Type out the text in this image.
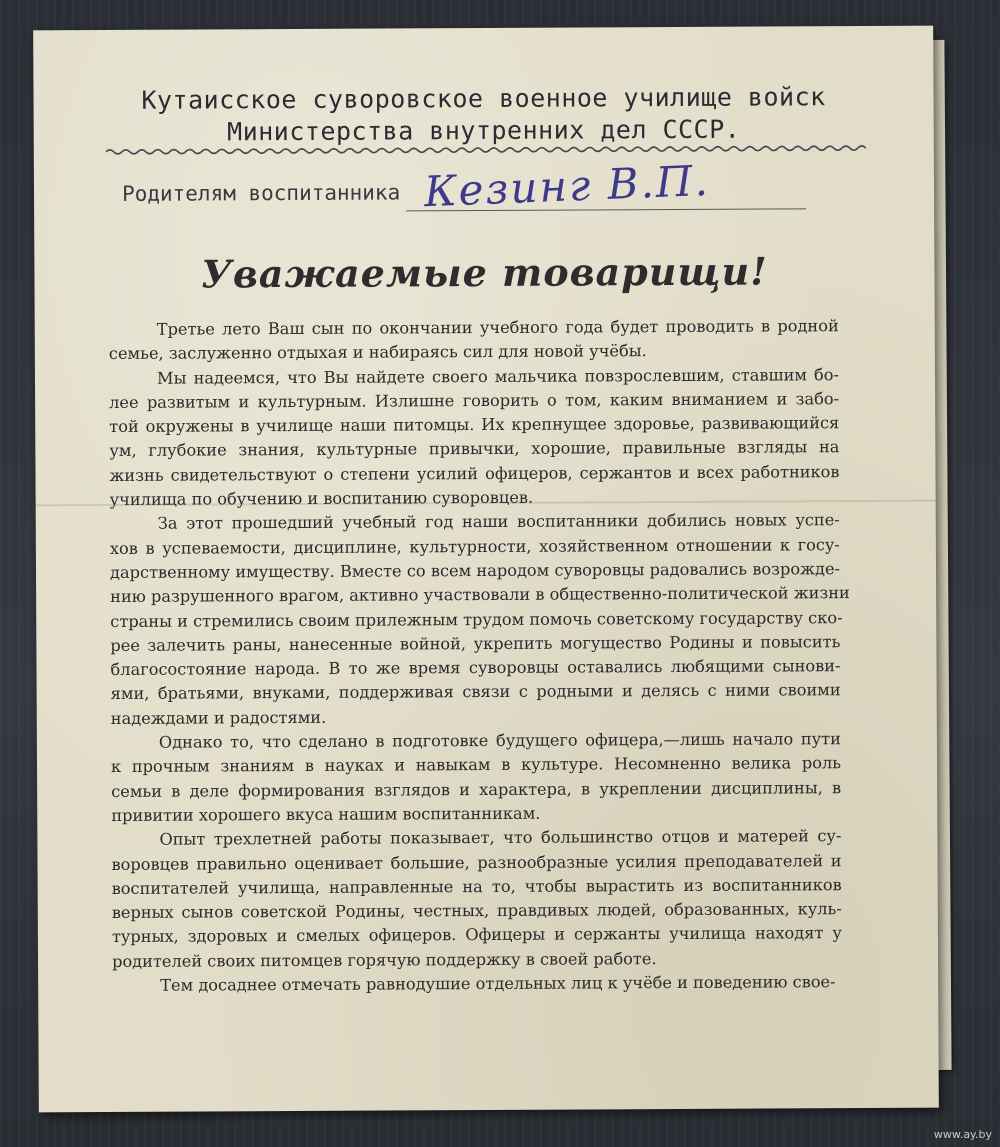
Кутаисское суворовское военное училище войск
Министерства внутренних дел СССР.
Родителям воспитанника Кезинг В.П.
Уважаемые товарищи!
Третье лето Ваш сын по окончании учебного года будет проводить в родной
семье, заслуженно отдыхая и набираясь сил для новой учёбы.
Мы надеемся, что Вы найдете своего мальчика повзрослевшим, ставшим бо-
лее развитым и культурным. Излишне говорить о том, каким вниманием и забо-
той окружены в училище наши питомцы. Их крепнущее здоровье, развивающийся
ум, глубокие знания, культурные привычки, хорошие, правильные взгляды на
жизнь свидетельствуют о степени усилий офицеров, сержантов и всех работников
училища по обучению и воспитанию суворовцев.
За этот прошедший учебный год наши воспитанники добились новых успе-
хов в успеваемости, дисциплине, культурности, хозяйственном отношении к госу-
дарственному имуществу. Вместе со всем народом суворовцы радовались возрожде-
нию разрушенного врагом, активно участвовали в общественно-политической жизни
страны и стремились своим прилежным трудом помочь советскому государству ско-
рее залечить раны, нанесенные войной, укрепить могущество Родины и повысить
благосостояние народа. В то же время суворовцы оставались любящими сынови-
ями, братьями, внуками, поддерживая связи с родными и делясь с ними своими
надеждами и радостями.
Однако то, что сделано в подготовке будущего офицера,—лишь начало пути
к прочным знаниям в науках и навыкам в культуре. Несомненно велика роль
семьи в деле формирования взглядов и характера, в укреплении дисциплины, в
привитии хорошего вкуса нашим воспитанникам.
Опыт трехлетней работы показывает, что большинство отцов и матерей су-
воровцев правильно оценивает большие, разнообразные усилия преподавателей и
воспитателей училища, направленные на то, чтобы вырастить из воспитанников
верных сынов советской Родины, честных, правдивых людей, образованных, куль-
турных, здоровых и смелых офицеров. Офицеры и сержанты училища находят у
родителей своих питомцев горячую поддержку в своей работе.
Тем досаднее отмечать равнодушие отдельных лиц к учёбе и поведению свое-
www.ay.by
